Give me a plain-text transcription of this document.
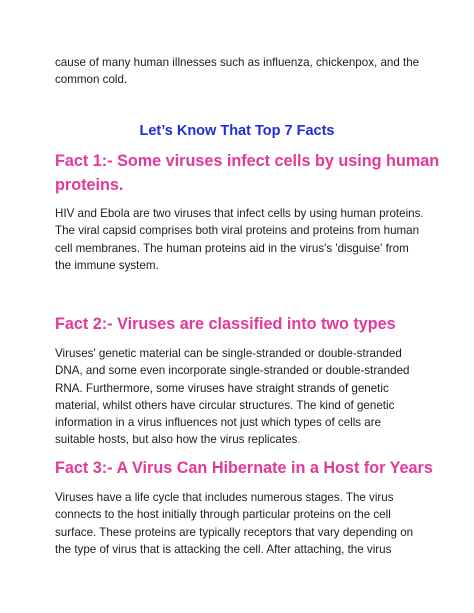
cause of many human illnesses such as influenza, chickenpox, and the
common cold.

Let’s Know That Top 7 Facts
Fact 1:- Some viruses infect cells by using human
proteins.

HIV and Ebola are two viruses that infect cells by using human proteins.
The viral capsid comprises both viral proteins and proteins from human
cell membranes. The human proteins aid in the virus's 'disguise' from
the immune system.

Fact 2:- Viruses are classified into two types

Viruses' genetic material can be single-stranded or double-stranded
DNA, and some even incorporate single-stranded or double-stranded
RNA. Furthermore, some viruses have straight strands of genetic
material, whilst others have circular structures. The kind of genetic
information in a virus influences not just which types of cells are
suitable hosts, but also how the virus replicates.

Fact 3:- A Virus Can Hibernate in a Host for Years

Viruses have a life cycle that includes numerous stages. The virus
connects to the host initially through particular proteins on the cell
surface. These proteins are typically receptors that vary depending on
the type of virus that is attacking the cell. After attaching, the virus
